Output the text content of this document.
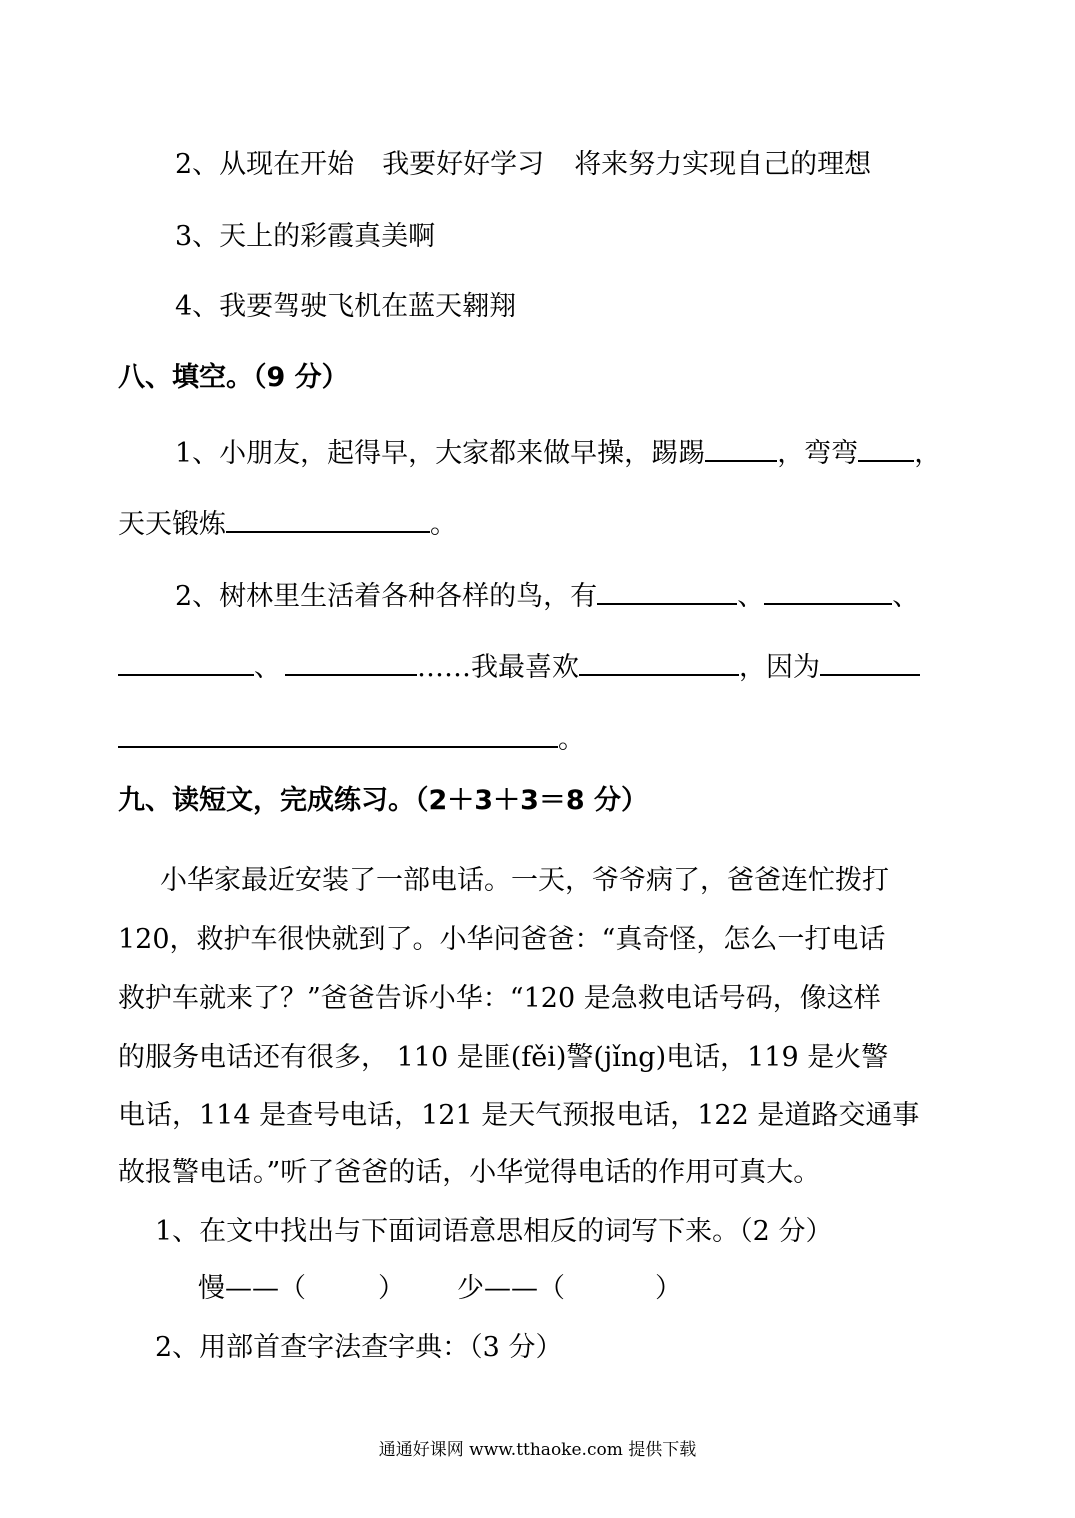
2、从现在开始 我要好好学习 将来努力实现自己的理想
3、天上的彩霞真美啊
4、我要驾驶飞机在蓝天翱翔
八、填空。（9 分）
1、小朋友，起得早，大家都来做早操，踢踢	，弯弯 ，
天天锻炼	。
2、树林里生活着各种各样的鸟，有	、	、
、	……我最喜欢	，因为
。
九、读短文，完成练习。（2＋3＋3＝8 分）
小华家最近安装了一部电话。一天，爷爷病了，爸爸连忙拨打
120，救护车很快就到了。小华问爸爸：“真奇怪，怎么一打电话
救护车就来了？”爸爸告诉小华：“120 是急救电话号码，像这样
的服务电话还有很多， 110 是匪(fěi)警(jǐng)电话，119 是火警
电话，114 是查号电话，121 是天气预报电话，122 是道路交通事
故报警电话。”听了爸爸的话，小华觉得电话的作用可真大。
1、在文中找出与下面词语意思相反的词写下来。（2 分）
慢——（	） 少——（	）
2、用部首查字法查字典：（3 分）
通通好课网 www.tthaoke.com 提供下载
